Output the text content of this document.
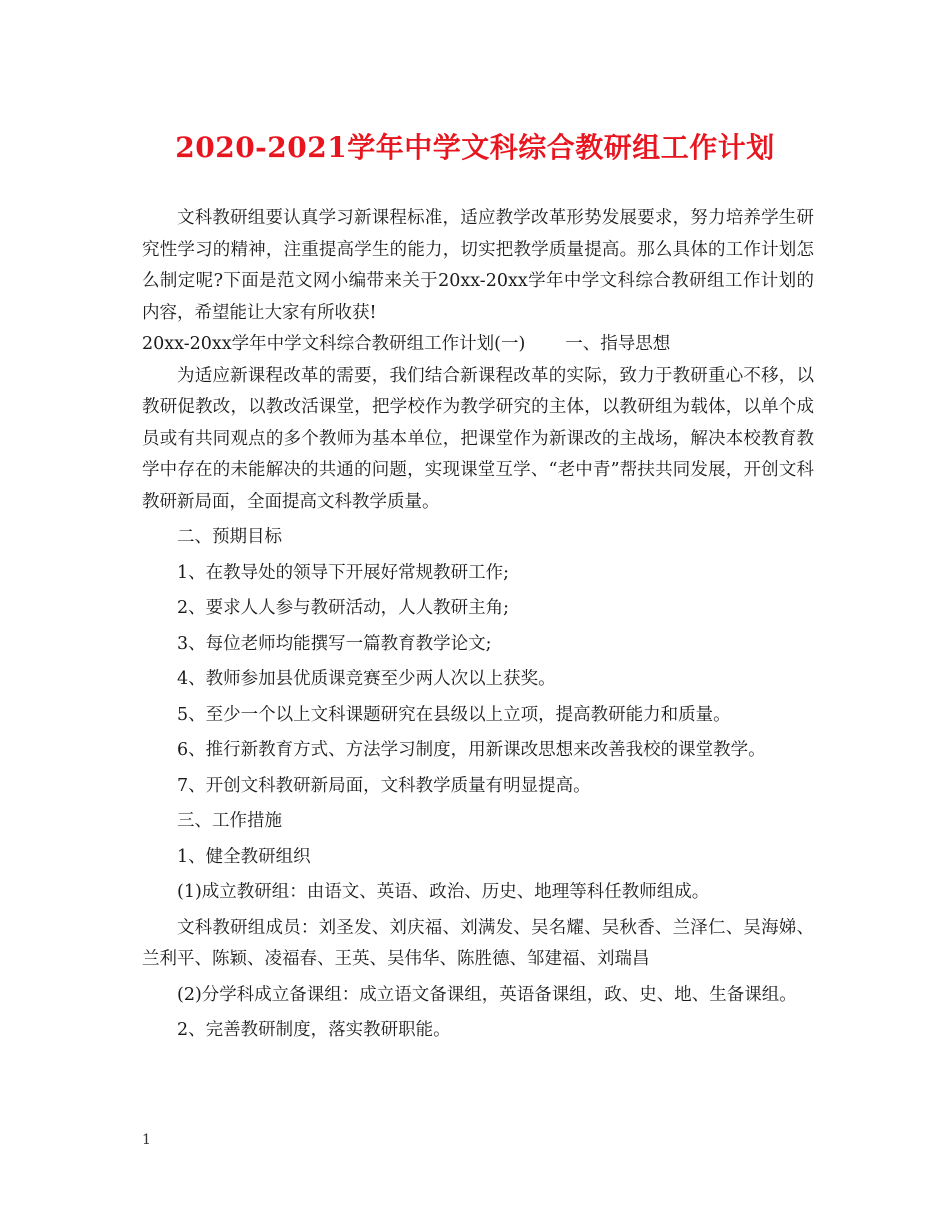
2020-2021学年中学文科综合教研组工作计划

文科教研组要认真学习新课程标准，适应教学改革形势发展要求，努力培养学生研究性学习的精神，注重提高学生的能力，切实把教学质量提高。那么具体的工作计划怎么制定呢?下面是范文网小编带来关于20xx-20xx学年中学文科综合教研组工作计划的内容，希望能让大家有所收获!

20xx-20xx学年中学文科综合教研组工作计划(一) 一、指导思想

为适应新课程改革的需要，我们结合新课程改革的实际，致力于教研重心不移，以教研促教改，以教改活课堂，把学校作为教学研究的主体，以教研组为载体，以单个成员或有共同观点的多个教师为基本单位，把课堂作为新课改的主战场，解决本校教育教学中存在的未能解决的共通的问题，实现课堂互学、“老中青”帮扶共同发展，开创文科教研新局面，全面提高文科教学质量。

二、预期目标

1、在教导处的领导下开展好常规教研工作;

2、要求人人参与教研活动，人人教研主角;

3、每位老师均能撰写一篇教育教学论文;

4、教师参加县优质课竞赛至少两人次以上获奖。

5、至少一个以上文科课题研究在县级以上立项，提高教研能力和质量。

6、推行新教育方式、方法学习制度，用新课改思想来改善我校的课堂教学。

7、开创文科教研新局面，文科教学质量有明显提高。

三、工作措施

1、健全教研组织

(1)成立教研组：由语文、英语、政治、历史、地理等科任教师组成。

文科教研组成员：刘圣发、刘庆福、刘满发、吴名耀、吴秋香、兰泽仁、吴海娣、兰利平、陈颖、凌福春、王英、吴伟华、陈胜德、邹建福、刘瑞昌

(2)分学科成立备课组：成立语文备课组，英语备课组，政、史、地、生备课组。

2、完善教研制度，落实教研职能。

1
